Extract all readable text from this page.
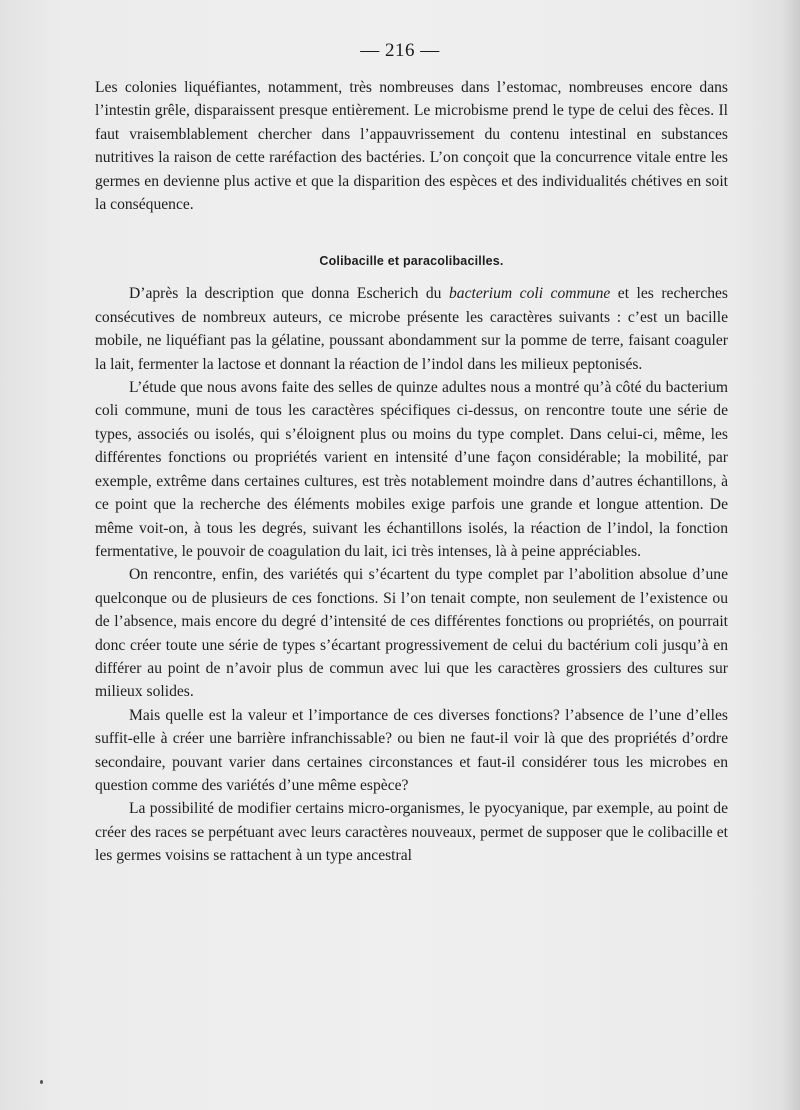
— 216 —

Les colonies liquéfiantes, notamment, très nombreuses dans l’estomac, nombreuses encore dans l’intestin grêle, disparaissent presque entièrement. Le microbisme prend le type de celui des fèces. Il faut vraisemblablement chercher dans l’appauvrissement du contenu intestinal en substances nutritives la raison de cette raréfaction des bactéries. L’on conçoit que la concurrence vitale entre les germes en devienne plus active et que la disparition des espèces et des individualités chétives en soit la conséquence.

Colibacille et paracolibacilles.

D’après la description que donna Escherich du bacterium coli commune et les recherches consécutives de nombreux auteurs, ce microbe présente les caractères suivants : c’est un bacille mobile, ne liquéfiant pas la gélatine, poussant abondamment sur la pomme de terre, faisant coaguler la lait, fermenter la lactose et donnant la réaction de l’indol dans les milieux peptonisés.

L’étude que nous avons faite des selles de quinze adultes nous a montré qu’à côté du bacterium coli commune, muni de tous les caractères spécifiques ci-dessus, on rencontre toute une série de types, associés ou isolés, qui s’éloignent plus ou moins du type complet. Dans celui-ci, même, les différentes fonctions ou propriétés varient en intensité d’une façon considérable; la mobilité, par exemple, extrême dans certaines cultures, est très notablement moindre dans d’autres échantillons, à ce point que la recherche des éléments mobiles exige parfois une grande et longue attention. De même voit-on, à tous les degrés, suivant les échantillons isolés, la réaction de l’indol, la fonction fermentative, le pouvoir de coagulation du lait, ici très intenses, là à peine appréciables.

On rencontre, enfin, des variétés qui s’écartent du type complet par l’abolition absolue d’une quelconque ou de plusieurs de ces fonctions. Si l’on tenait compte, non seulement de l’existence ou de l’absence, mais encore du degré d’intensité de ces différentes fonctions ou propriétés, on pourrait donc créer toute une série de types s’écartant progressivement de celui du bactérium coli jusqu’à en différer au point de n’avoir plus de commun avec lui que les caractères grossiers des cultures sur milieux solides.

Mais quelle est la valeur et l’importance de ces diverses fonctions? l’absence de l’une d’elles suffit-elle à créer une barrière infranchissable? ou bien ne faut-il voir là que des propriétés d’ordre secondaire, pouvant varier dans certaines circonstances et faut-il considérer tous les microbes en question comme des variétés d’une même espèce?

La possibilité de modifier certains micro-organismes, le pyocyanique, par exemple, au point de créer des races se perpétuant avec leurs caractères nouveaux, permet de supposer que le colibacille et les germes voisins se rattachent à un type ancestral
